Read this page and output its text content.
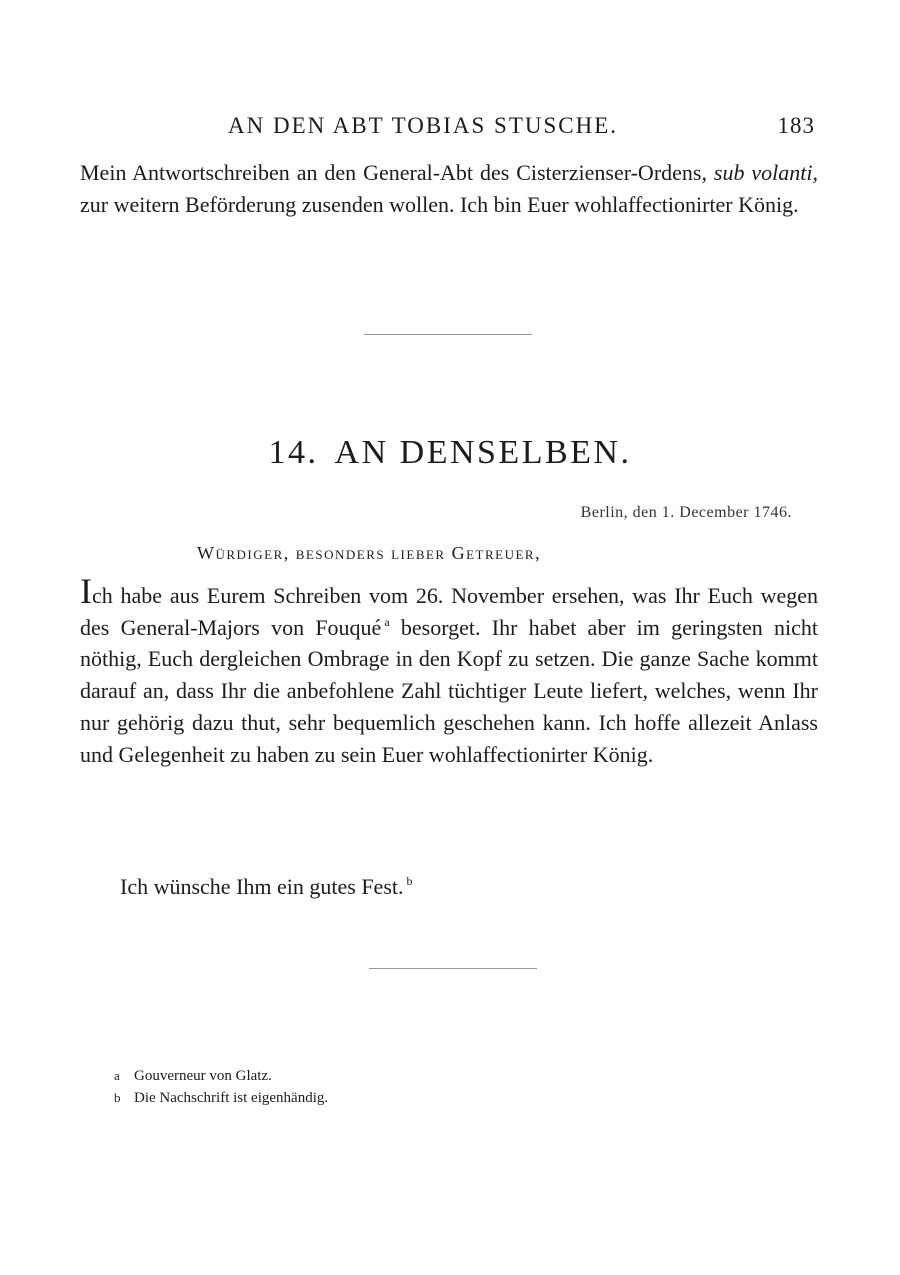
AN DEN ABT TOBIAS STUSCHE.	183

Mein Antwortschreiben an den General-Abt des Cisterzienser-Ordens, sub volanti, zur weitern Beförderung zusenden wollen. Ich bin Euer wohlaffectionirter König.

14. AN DENSELBEN.
Berlin, den 1. December 1746.
Würdiger, besonders lieber Getreuer,

Ich habe aus Eurem Schreiben vom 26. November ersehen, was Ihr Euch wegen des General-Majors von Fouqué $^a$ besorget. Ihr habet aber im geringsten nicht nöthig, Euch dergleichen Ombrage in den Kopf zu setzen. Die ganze Sache kommt darauf an, dass Ihr die anbefohlene Zahl tüchtiger Leute liefert, welches, wenn Ihr nur gehörig dazu thut, sehr bequemlich geschehen kann. Ich hoffe allezeit Anlass und Gelegenheit zu haben zu sein Euer wohlaffectionirter König.

Ich wünsche Ihm ein gutes Fest. $^b$

a Gouverneur von Glatz.
b Die Nachschrift ist eigenhändig.
